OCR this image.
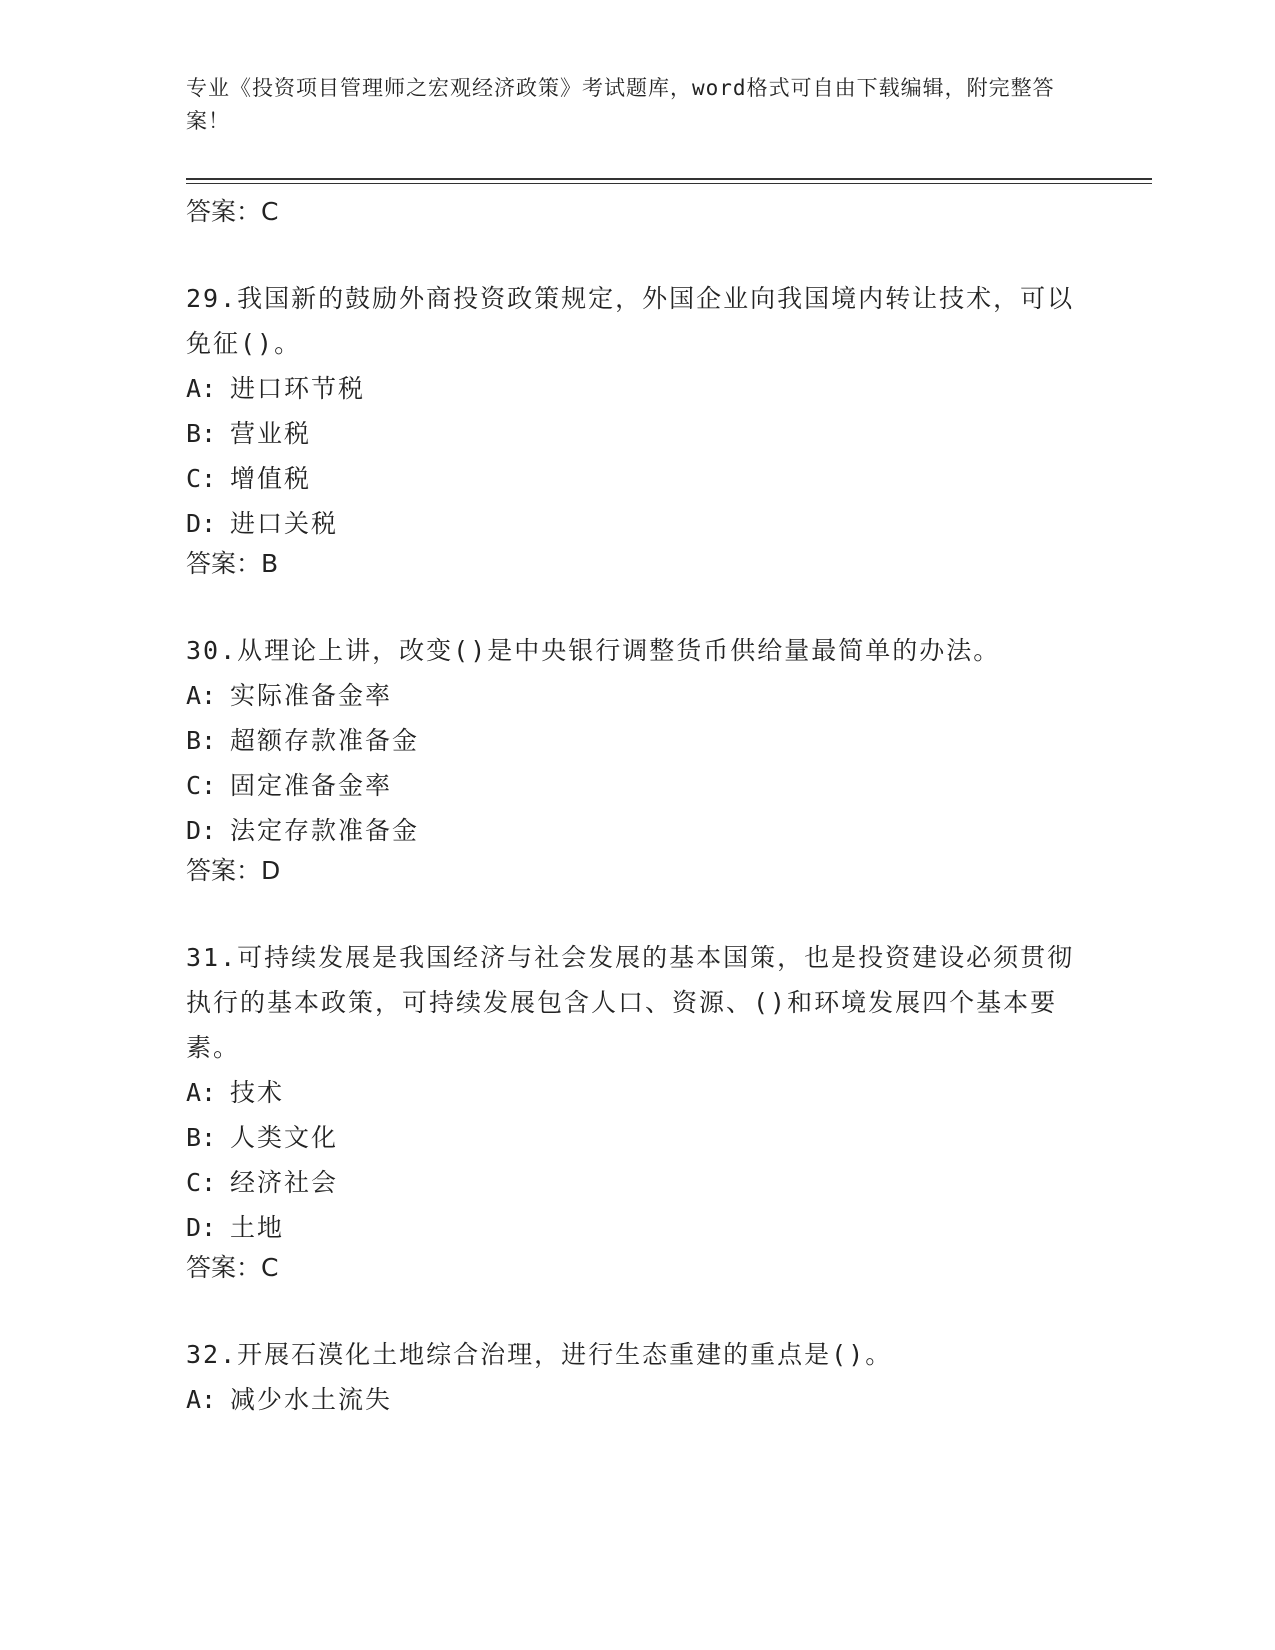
专业《投资项目管理师之宏观经济政策》考试题库，word格式可自由下载编辑，附完整答案！
答案：C
29.我国新的鼓励外商投资政策规定，外国企业向我国境内转让技术，可以免征()。
A: 进口环节税
B: 营业税
C: 增值税
D: 进口关税
答案：B
30.从理论上讲，改变()是中央银行调整货币供给量最简单的办法。
A: 实际准备金率
B: 超额存款准备金
C: 固定准备金率
D: 法定存款准备金
答案：D
31.可持续发展是我国经济与社会发展的基本国策，也是投资建设必须贯彻执行的基本政策，可持续发展包含人口、资源、()和环境发展四个基本要素。
A: 技术
B: 人类文化
C: 经济社会
D: 土地
答案：C
32.开展石漠化土地综合治理，进行生态重建的重点是()。
A: 减少水土流失
